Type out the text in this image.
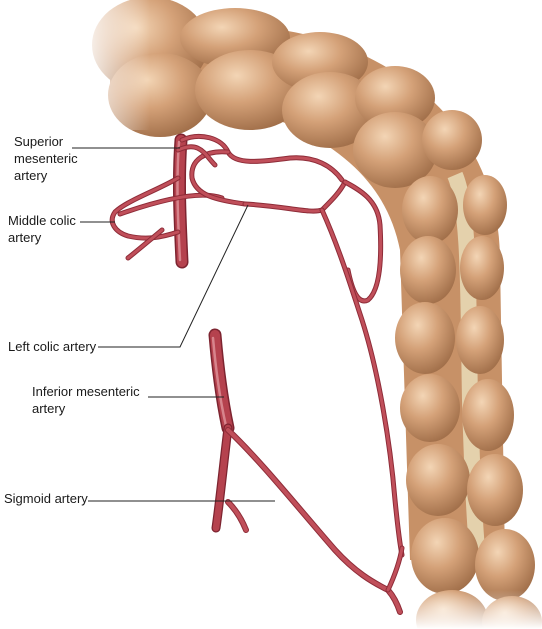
Superior
mesenteric
artery
Middle colic
artery
Left colic artery
Inferior mesenteric
artery
Sigmoid artery
